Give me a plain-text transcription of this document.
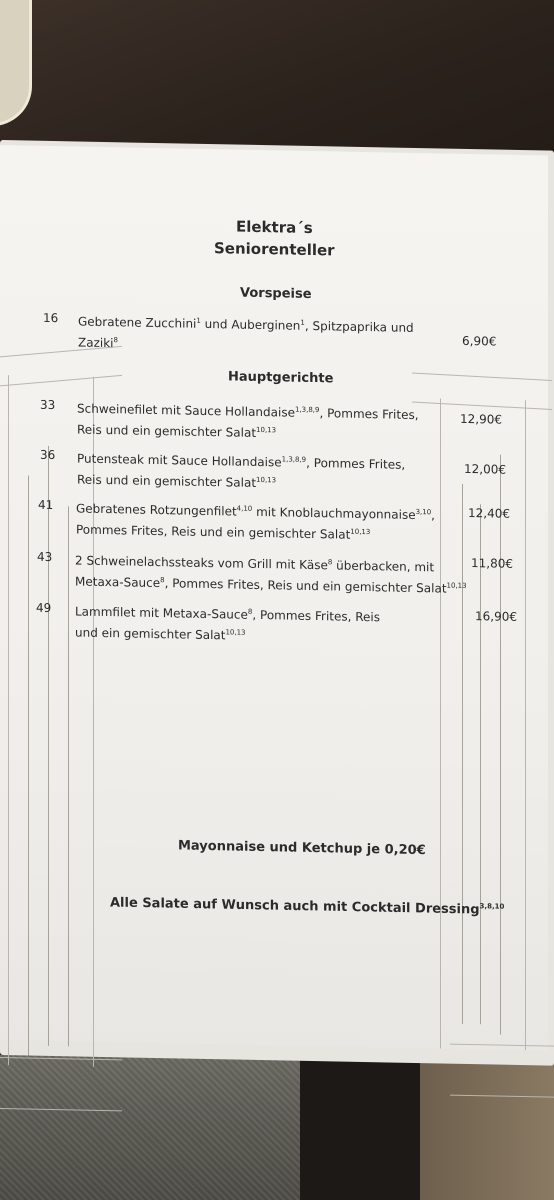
Elektra´s
Seniorenteller
Vorspeise
16 Gebratene Zucchini$^1$ und Auberginen$^1$, Spitzpaprika und
Zaziki$^8$	6,90€
Hauptgerichte
33 Schweinefilet mit Sauce Hollandaise$^{1,3,8,9}$, Pommes Frites,
Reis und ein gemischter Salat$^{10,13}$
12,90€
36 Putensteak mit Sauce Hollandaise$^{1,3,8,9}$, Pommes Frites,
Reis und ein gemischter Salat$^{10,13}$
12,00€
41 Gebratenes Rotzungenfilet$^{4,10}$ mit Knoblauchmayonnaise$^{3,10}$,
Pommes Frites, Reis und ein gemischter Salat$^{10,13}$
12,40€
43 2 Schweinelachssteaks vom Grill mit Käse$^8$ überbacken, mit
Metaxa-Sauce$^8$, Pommes Frites, Reis und ein gemischter Salat$^{10,13}$
11,80€
49 Lammfilet mit Metaxa-Sauce$^8$, Pommes Frites, Reis
und ein gemischter Salat$^{10,13}$
16,90€
Mayonnaise und Ketchup je 0,20€
Alle Salate auf Wunsch auch mit Cocktail Dressing$^{3,8,10}$
